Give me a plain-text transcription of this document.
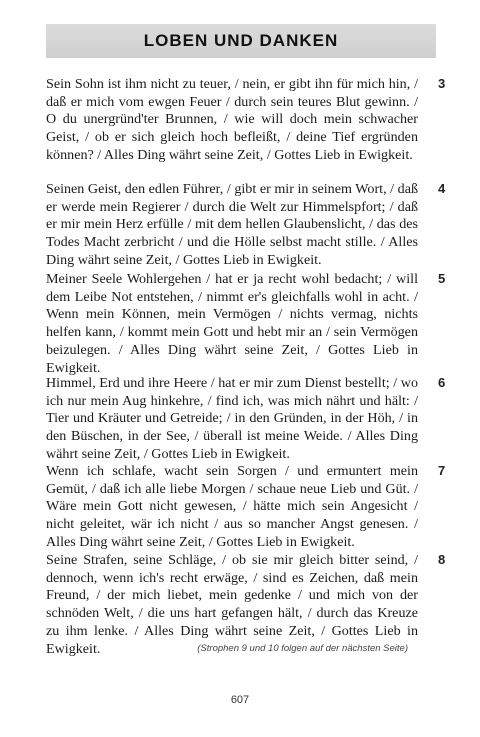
LOBEN UND DANKEN

Sein Sohn ist ihm nicht zu teuer, / nein, er gibt ihn für mich hin, / daß er mich vom ewgen Feuer / durch sein teures Blut gewinn. / O du unergründ'ter Brunnen, / wie will doch mein schwacher Geist, / ob er sich gleich hoch befleißt, / deine Tief ergründen können? / Alles Ding währt seine Zeit, / Gottes Lieb in Ewigkeit.

3

Seinen Geist, den edlen Führer, / gibt er mir in seinem Wort, / daß er werde mein Regierer / durch die Welt zur Himmelspfort; / daß er mir mein Herz erfülle / mit dem hellen Glaubenslicht, / das des Todes Macht zerbricht / und die Hölle selbst macht stille. / Alles Ding währt seine Zeit, / Gottes Lieb in Ewigkeit.

4

Meiner Seele Wohlergehen / hat er ja recht wohl bedacht; / will dem Leibe Not entstehen, / nimmt er's gleichfalls wohl in acht. / Wenn mein Können, mein Vermögen / nichts vermag, nichts helfen kann, / kommt mein Gott und hebt mir an / sein Vermögen beizulegen. / Alles Ding währt seine Zeit, / Gottes Lieb in Ewigkeit.

5

Himmel, Erd und ihre Heere / hat er mir zum Dienst bestellt; / wo ich nur mein Aug hinkehre, / find ich, was mich nährt und hält: / Tier und Kräuter und Getreide; / in den Gründen, in der Höh, / in den Büschen, in der See, / überall ist meine Weide. / Alles Ding währt seine Zeit, / Gottes Lieb in Ewigkeit.

6

Wenn ich schlafe, wacht sein Sorgen / und ermuntert mein Gemüt, / daß ich alle liebe Morgen / schaue neue Lieb und Güt. / Wäre mein Gott nicht gewesen, / hätte mich sein Angesicht / nicht geleitet, wär ich nicht / aus so mancher Angst genesen. / Alles Ding währt seine Zeit, / Gottes Lieb in Ewigkeit.

7

Seine Strafen, seine Schläge, / ob sie mir gleich bitter seind, / dennoch, wenn ich's recht erwäge, / sind es Zeichen, daß mein Freund, / der mich liebet, mein gedenke / und mich von der schnöden Welt, / die uns hart gefangen hält, / durch das Kreuze zu ihm lenke. / Alles Ding währt seine Zeit, / Gottes Lieb in Ewigkeit.

8
(Strophen 9 und 10 folgen auf der nächsten Seite)
607
